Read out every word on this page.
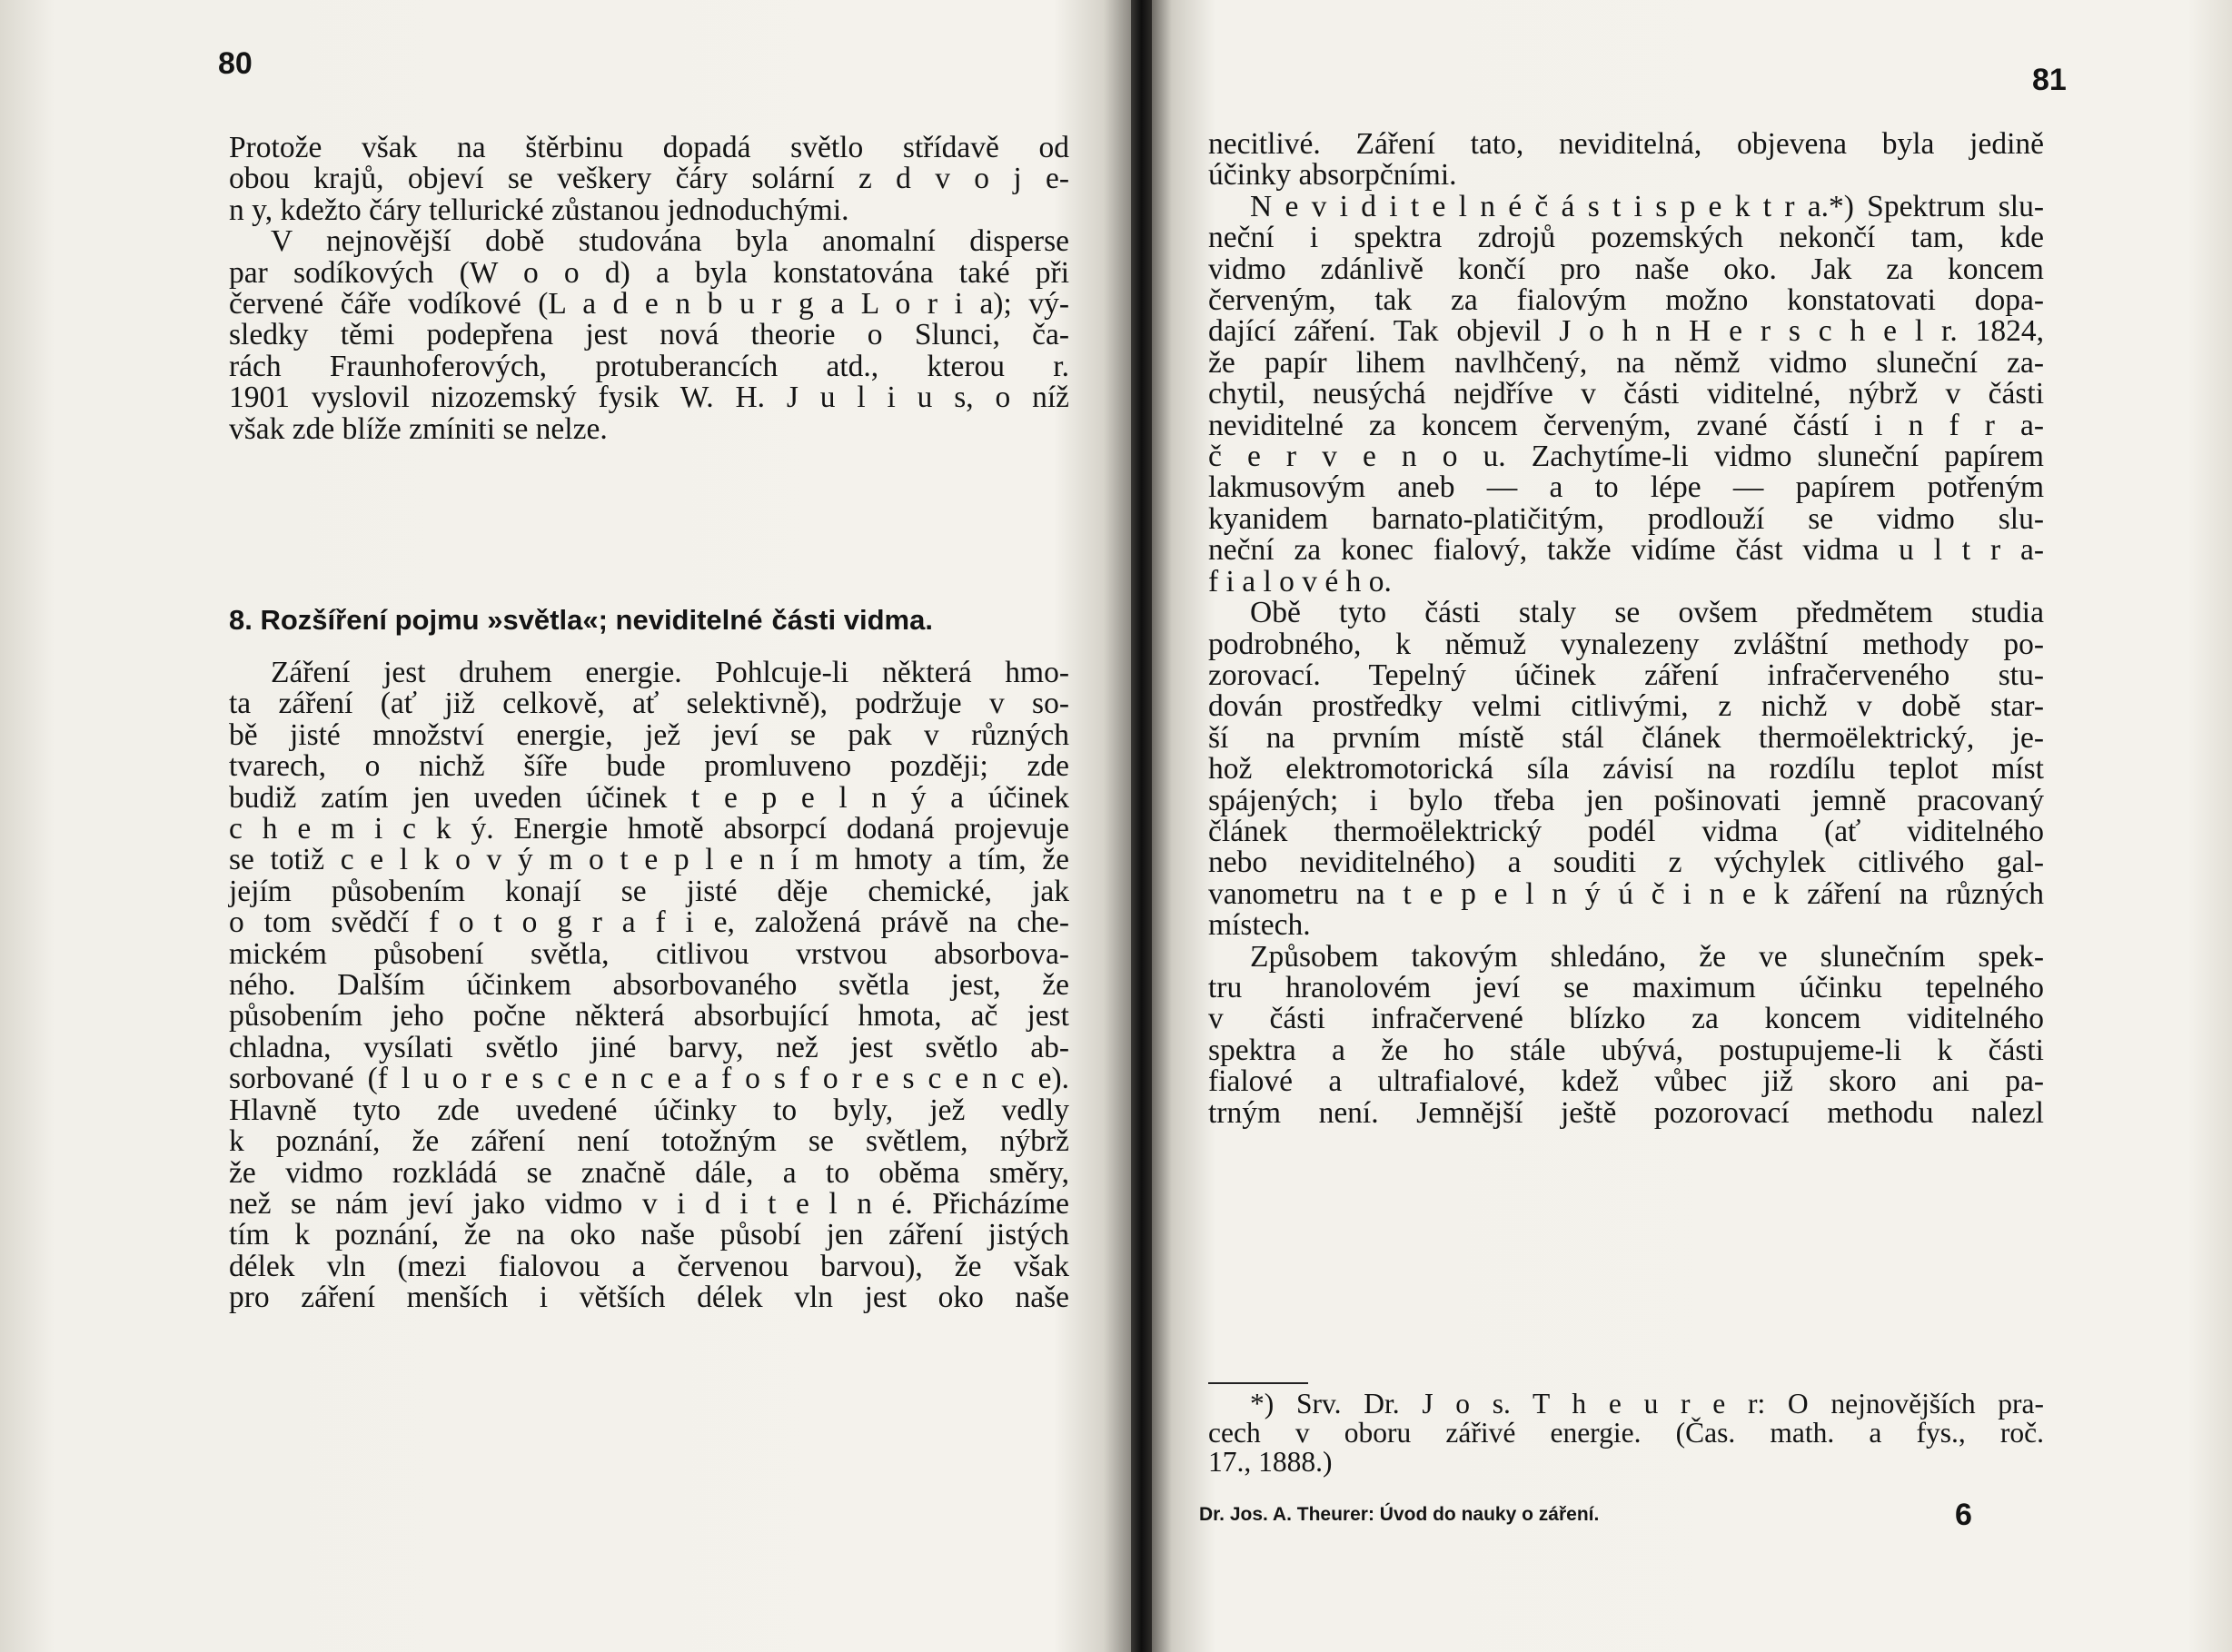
80
Protože však na štěrbinu dopadá světlo střídavě od
obou krajů, objeví se veškery čáry solární z d v o j e-
n y, kdežto čáry tellurické zůstanou jednoduchými.
V nejnovější době studována byla anomalní disperse
par sodíkových (W o o d) a byla konstatována také při
červené čáře vodíkové (L a d e n b u r g a L o r i a); vý-
sledky těmi podepřena jest nová theorie o Slunci, ča-
rách Fraunhoferových, protuberancích atd., kterou r.
1901 vyslovil nizozemský fysik W. H. J u l i u s, o níž
však zde blíže zmíniti se nelze.
8. Rozšíření pojmu »světla«; neviditelné části vidma.
Záření jest druhem energie. Pohlcuje-li některá hmo-
ta záření (ať již celkově, ať selektivně), podržuje v so-
bě jisté množství energie, jež jeví se pak v různých
tvarech, o nichž šíře bude promluveno později; zde
budiž zatím jen uveden účinek t e p e l n ý a účinek
c h e m i c k ý. Energie hmotě absorpcí dodaná projevuje
se totiž c e l k o v ý m o t e p l e n í m hmoty a tím, že
jejím působením konají se jisté děje chemické, jak
o tom svědčí f o t o g r a f i e, založená právě na che-
mickém působení světla, citlivou vrstvou absorbova-
ného. Dalším účinkem absorbovaného světla jest, že
působením jeho počne některá absorbující hmota, ač jest
chladna, vysílati světlo jiné barvy, než jest světlo ab-
sorbované (f l u o r e s c e n c e a f o s f o r e s c e n c e).
Hlavně tyto zde uvedené účinky to byly, jež vedly
k poznání, že záření není totožným se světlem, nýbrž
že vidmo rozkládá se značně dále, a to oběma směry,
než se nám jeví jako vidmo v i d i t e l n é. Přicházíme
tím k poznání, že na oko naše působí jen záření jistých
délek vln (mezi fialovou a červenou barvou), že však
pro záření menších i větších délek vln jest oko naše
81
necitlivé. Záření tato, neviditelná, objevena byla jedině
účinky absorpčními.
N e v i d i t e l n é č á s t i s p e k t r a.*) Spektrum slu-
neční i spektra zdrojů pozemských nekončí tam, kde
vidmo zdánlivě končí pro naše oko. Jak za koncem
červeným, tak za fialovým možno konstatovati dopa-
dající záření. Tak objevil J o h n H e r s c h e l r. 1824,
že papír lihem navlhčený, na němž vidmo sluneční za-
chytil, neusýchá nejdříve v části viditelné, nýbrž v části
neviditelné za koncem červeným, zvané částí i n f r a-
č e r v e n o u. Zachytíme-li vidmo sluneční papírem
lakmusovým aneb — a to lépe — papírem potřeným
kyanidem barnato-platičitým, prodlouží se vidmo slu-
neční za konec fialový, takže vidíme část vidma u l t r a-
f i a l o v é h o.
Obě tyto části staly se ovšem předmětem studia
podrobného, k němuž vynalezeny zvláštní methody po-
zorovací. Tepelný účinek záření infračerveného stu-
dován prostředky velmi citlivými, z nichž v době star-
ší na prvním místě stál článek thermoëlektrický, je-
hož elektromotorická síla závisí na rozdílu teplot míst
spájených; i bylo třeba jen pošinovati jemně pracovaný
článek thermoëlektrický podél vidma (ať viditelného
nebo neviditelného) a souditi z výchylek citlivého gal-
vanometru na t e p e l n ý ú č i n e k záření na různých
místech.
Způsobem takovým shledáno, že ve slunečním spek-
tru hranolovém jeví se maximum účinku tepelného
v části infračervené blízko za koncem viditelného
spektra a že ho stále ubývá, postupujeme-li k části
fialové a ultrafialové, kdež vůbec již skoro ani pa-
trným není. Jemnější ještě pozorovací methodu nalezl
*) Srv. Dr. J o s. T h e u r e r: O nejnovějších pra-
cech v oboru zářivé energie. (Čas. math. a fys., roč.
17., 1888.)
Dr. Jos. A. Theurer: Úvod do nauky o záření.	6
